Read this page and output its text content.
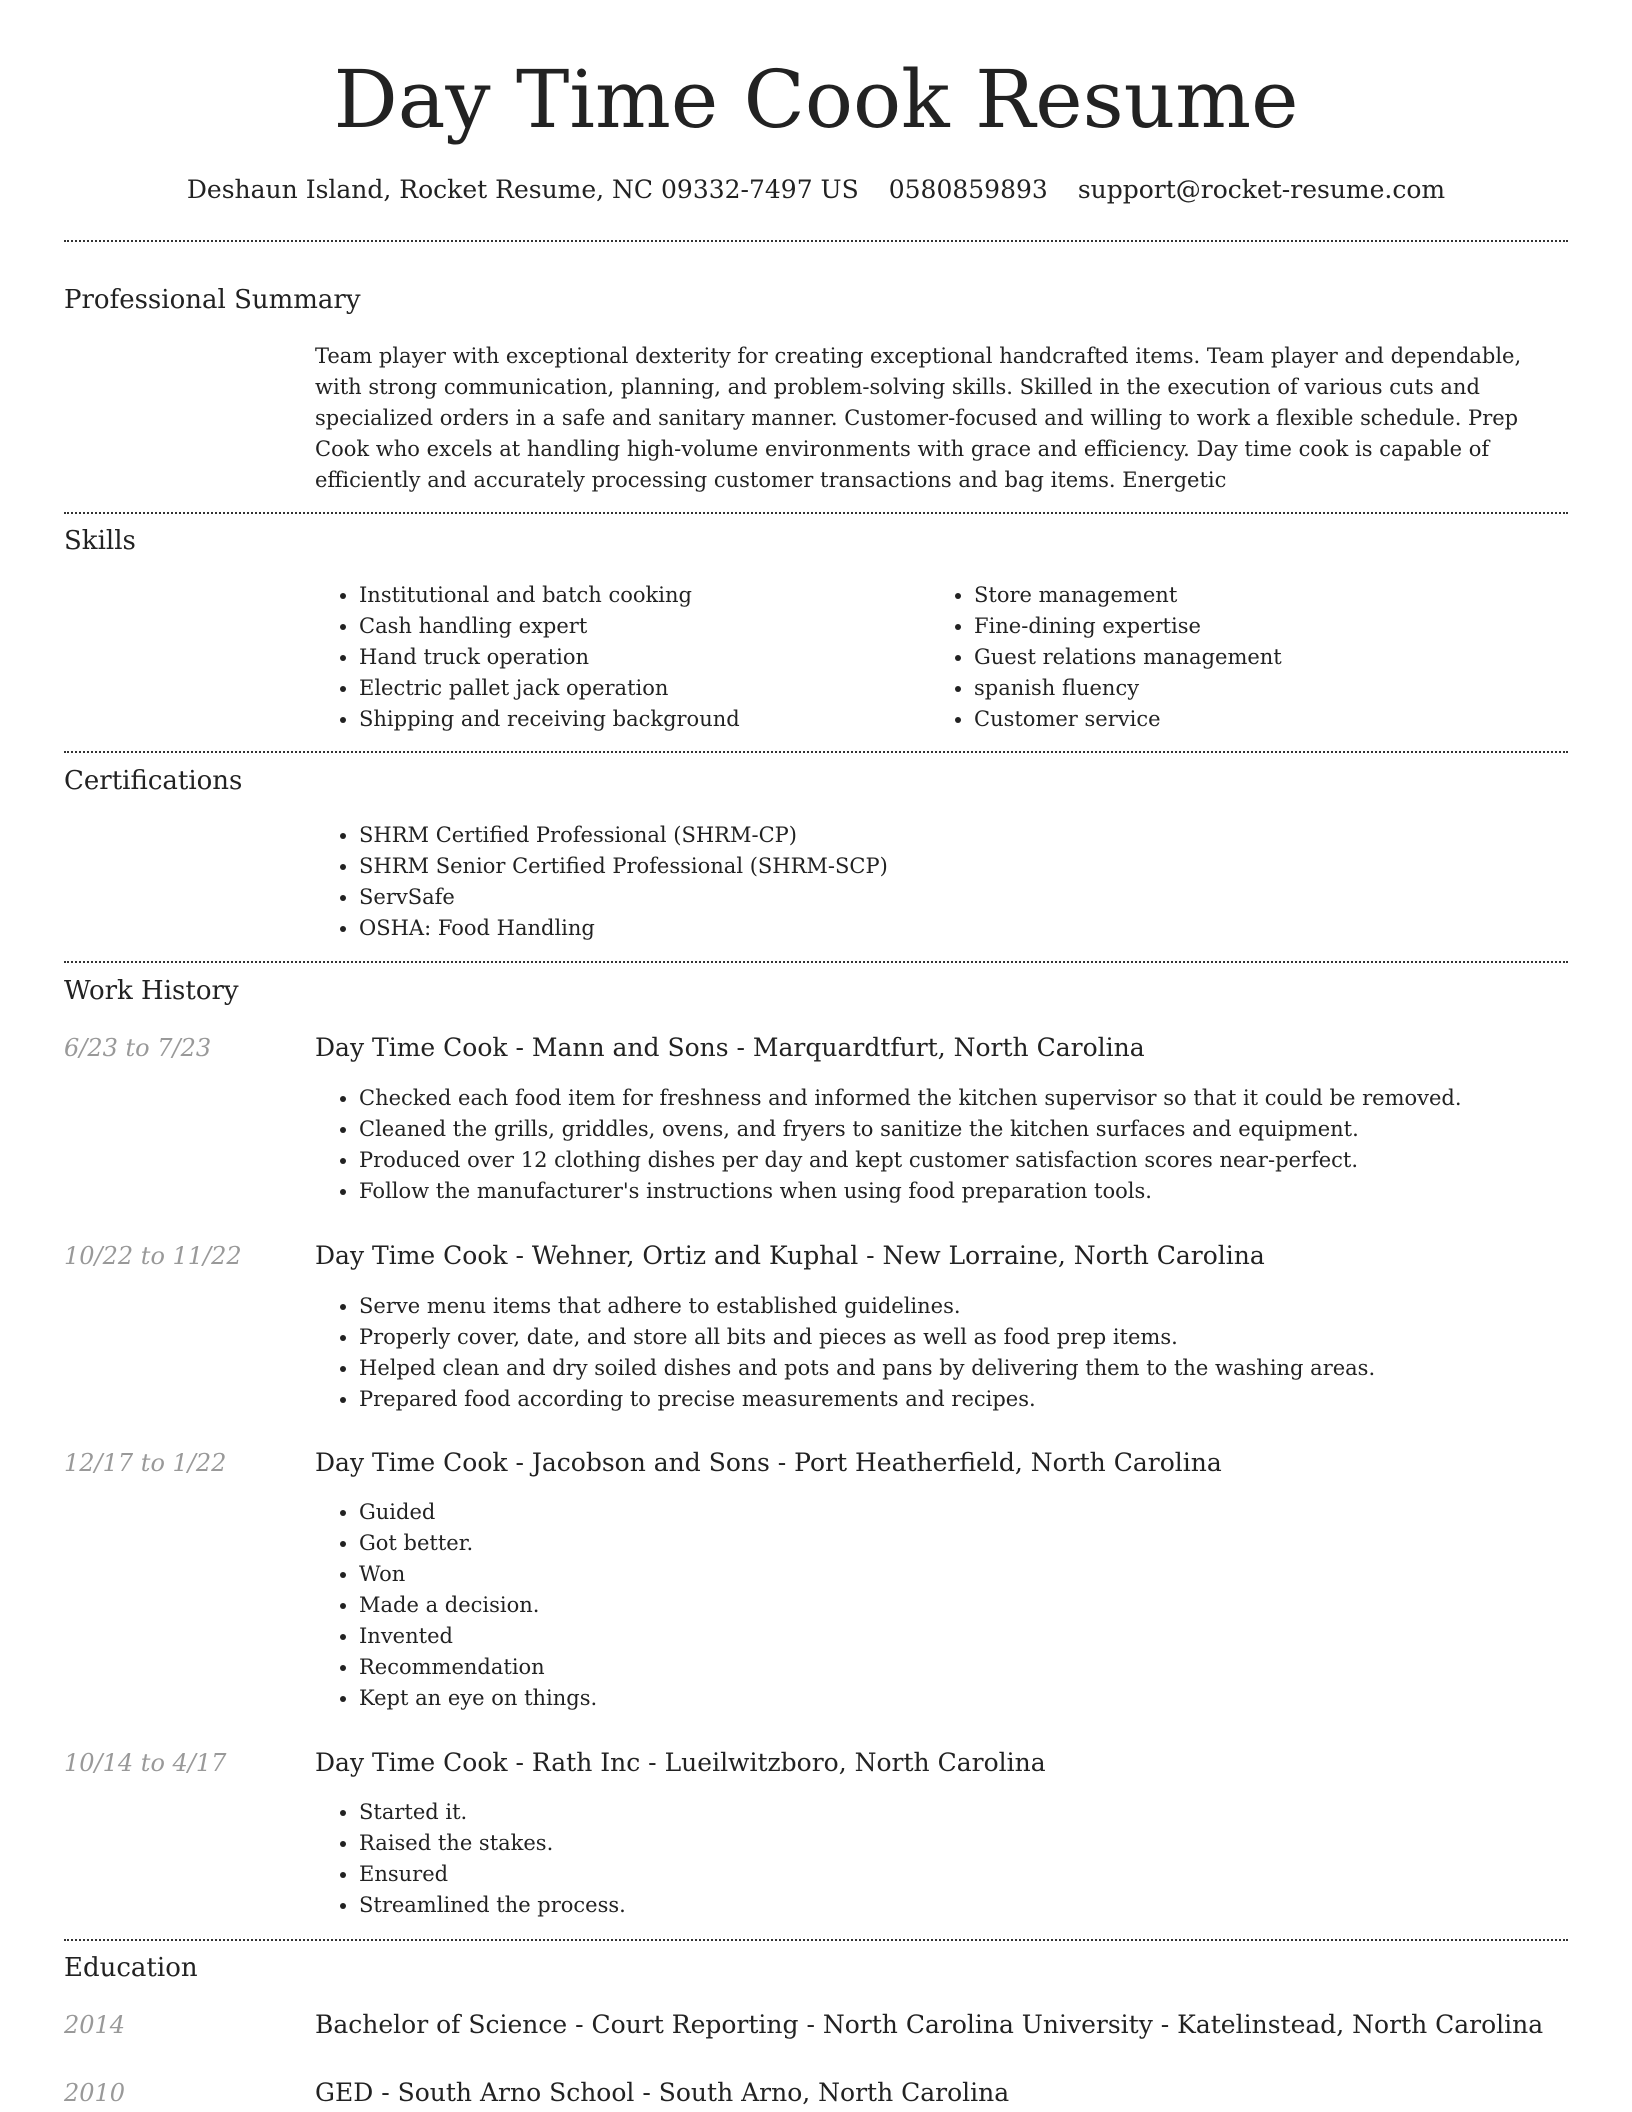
Day Time Cook Resume
Deshaun Island, Rocket Resume, NC 09332-7497 US 0580859893 support@rocket-resume.com
Professional Summary

Team player with exceptional dexterity for creating exceptional handcrafted items. Team player and dependable, with strong communication, planning, and problem-solving skills. Skilled in the execution of various cuts and specialized orders in a safe and sanitary manner. Customer-focused and willing to work a flexible schedule. Prep Cook who excels at handling high-volume environments with grace and efficiency. Day time cook is capable of efficiently and accurately processing customer transactions and bag items. Energetic

Skills
• Institutional and batch cooking
• Cash handling expert
• Hand truck operation
• Electric pallet jack operation
• Shipping and receiving background
• Store management
• Fine-dining expertise
• Guest relations management
• spanish fluency
• Customer service
Certifications
• SHRM Certified Professional (SHRM-CP)
• SHRM Senior Certified Professional (SHRM-SCP)
• ServSafe
• OSHA: Food Handling
Work History
6/23 to 7/23	Day Time Cook - Mann and Sons - Marquardtfurt, North Carolina
• Checked each food item for freshness and informed the kitchen supervisor so that it could be removed.
• Cleaned the grills, griddles, ovens, and fryers to sanitize the kitchen surfaces and equipment.
• Produced over 12 clothing dishes per day and kept customer satisfaction scores near-perfect.
• Follow the manufacturer's instructions when using food preparation tools.
10/22 to 11/22	Day Time Cook - Wehner, Ortiz and Kuphal - New Lorraine, North Carolina
• Serve menu items that adhere to established guidelines.
• Properly cover, date, and store all bits and pieces as well as food prep items.
• Helped clean and dry soiled dishes and pots and pans by delivering them to the washing areas.
• Prepared food according to precise measurements and recipes.
12/17 to 1/22	Day Time Cook - Jacobson and Sons - Port Heatherfield, North Carolina
• Guided
• Got better.
• Won
• Made a decision.
• Invented
• Recommendation
• Kept an eye on things.
10/14 to 4/17	Day Time Cook - Rath Inc - Lueilwitzboro, North Carolina
• Started it.
• Raised the stakes.
• Ensured
• Streamlined the process.
Education
2014	Bachelor of Science - Court Reporting - North Carolina University - Katelinstead, North Carolina
2010	GED - South Arno School - South Arno, North Carolina
